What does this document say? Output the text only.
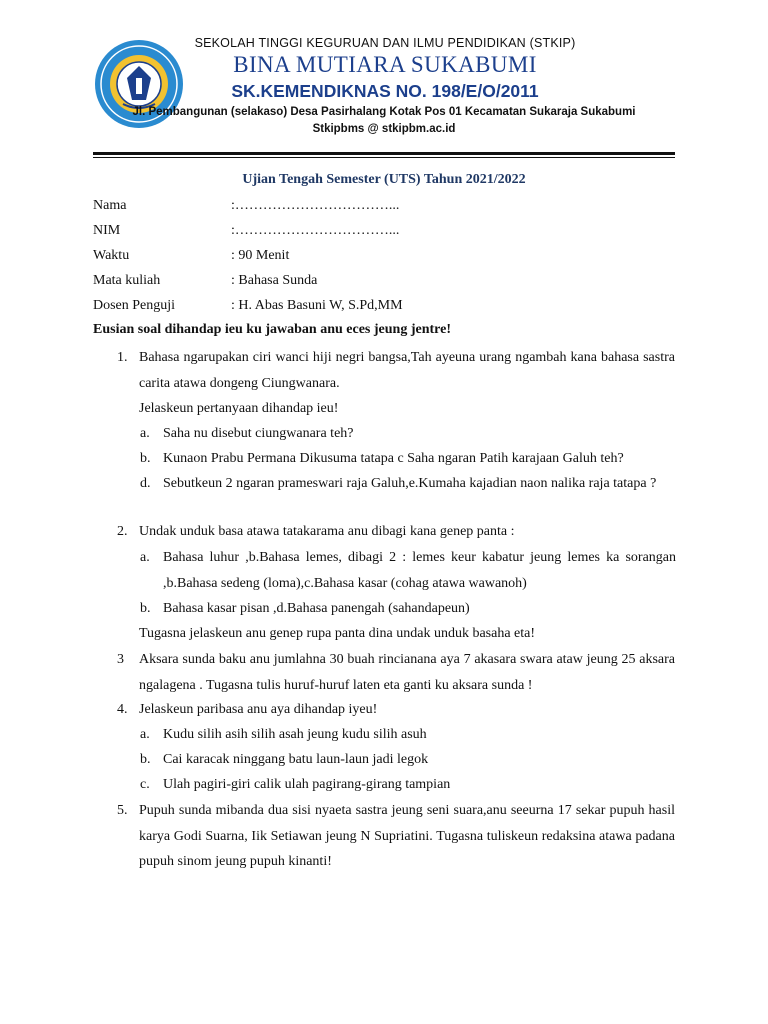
SEKOLAH TINGGI KEGURUAN DAN ILMU PENDIDIKAN (STKIP)
BINA MUTIARA SUKABUMI
SK.KEMENDIKNAS NO. 198/E/O/2011
Jl. Pembangunan (selakaso) Desa Pasirhalang Kotak Pos 01 Kecamatan Sukaraja Sukabumi
Stkipbms @ stkipbm.ac.id
Ujian Tengah Semester (UTS) Tahun 2021/2022
Nama	:……………………………...
NIM	:……………………………...
Waktu	: 90 Menit
Mata kuliah	: Bahasa Sunda
Dosen Penguji	: H. Abas Basuni W, S.Pd,MM
Eusian soal dihandap ieu ku jawaban anu eces jeung jentre!
1. Bahasa ngarupakan ciri wanci hiji negri bangsa,Tah ayeuna urang ngambah kana bahasa sastra carita atawa dongeng Ciungwanara.
Jelaskeun pertanyaan dihandap ieu!
a. Saha nu disebut ciungwanara teh?
b. Kunaon Prabu Permana Dikusuma tatapa c Saha ngaran Patih karajaan Galuh teh?
d. Sebutkeun 2 ngaran prameswari raja Galuh,e.Kumaha kajadian naon nalika raja tatapa ?
2. Undak unduk basa atawa tatakarama anu dibagi kana genep panta :
a. Bahasa luhur ,b.Bahasa lemes, dibagi 2 : lemes keur kabatur jeung lemes ka sorangan ,b.Bahasa sedeng (loma),c.Bahasa kasar (cohag atawa wawanoh)
b. Bahasa kasar pisan ,d.Bahasa panengah (sahandapeun)
Tugasna jelaskeun anu genep rupa panta dina undak unduk basaha eta!
3 Aksara sunda baku anu jumlahna 30 buah rincianana aya 7 akasara swara ataw jeung 25 aksara ngalagena . Tugasna tulis huruf-huruf laten eta ganti ku aksara sunda !
4. Jelaskeun paribasa anu aya dihandap iyeu!
a. Kudu silih asih silih asah jeung kudu silih asuh
b. Cai karacak ninggang batu laun-laun jadi legok
c. Ulah pagiri-giri calik ulah pagirang-girang tampian
5. Pupuh sunda mibanda dua sisi nyaeta sastra jeung seni suara,anu seeurna 17 sekar pupuh hasil karya Godi Suarna, Iik Setiawan jeung N Supriatini. Tugasna tuliskeun redaksina atawa padana pupuh sinom jeung pupuh kinanti!
